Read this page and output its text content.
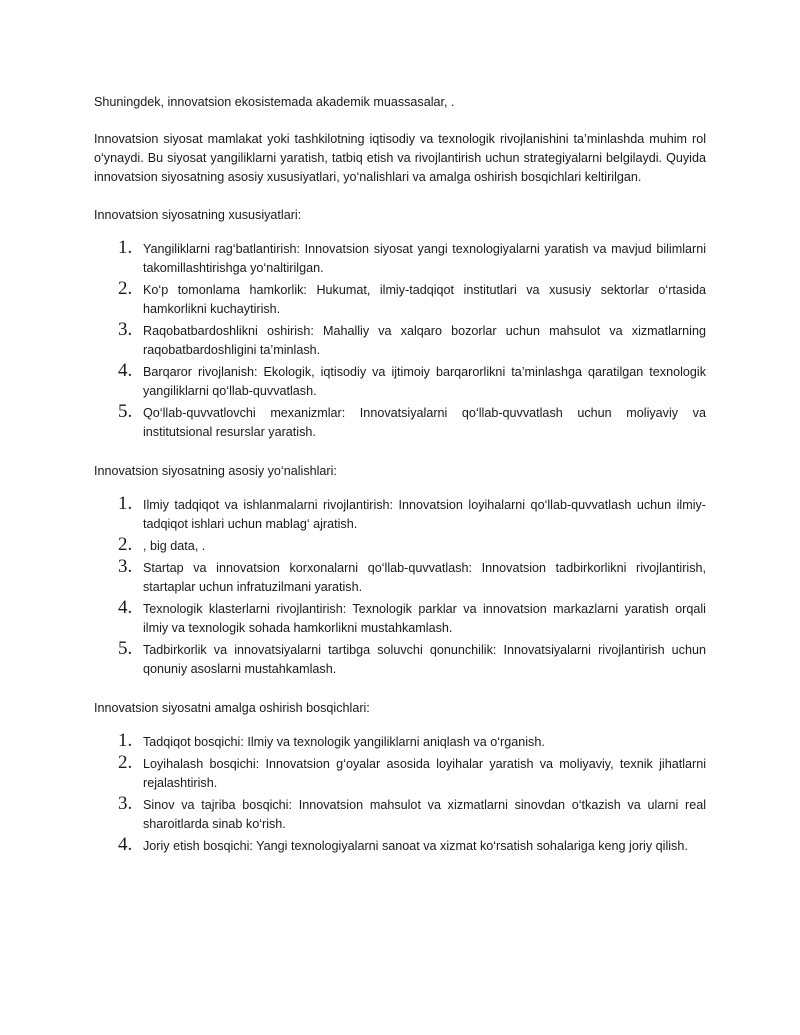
Shuningdek, innovatsion ekosistemada akademik muassasalar, .

Innovatsion siyosat mamlakat yoki tashkilotning iqtisodiy va texnologik rivojlanishini ta’minlashda muhim rol o‘ynaydi. Bu siyosat yangiliklarni yaratish, tatbiq etish va rivojlantirish uchun strategiyalarni belgilaydi. Quyida innovatsion siyosatning asosiy xususiyatlari, yo‘nalishlari va amalga oshirish bosqichlari keltirilgan.

Innovatsion siyosatning xususiyatlari:

1. Yangiliklarni rag‘batlantirish: Innovatsion siyosat yangi texnologiyalarni yaratish va mavjud bilimlarni takomillashtirishga yo‘naltirilgan.
2. Ko‘p tomonlama hamkorlik: Hukumat, ilmiy-tadqiqot institutlari va xususiy sektorlar o‘rtasida hamkorlikni kuchaytirish.
3. Raqobatbardoshlikni oshirish: Mahalliy va xalqaro bozorlar uchun mahsulot va xizmatlarning raqobatbardoshligini ta’minlash.
4. Barqaror rivojlanish: Ekologik, iqtisodiy va ijtimoiy barqarorlikni ta’minlashga qaratilgan texnologik yangiliklarni qo‘llab-quvvatlash.
5. Qo‘llab-quvvatlovchi mexanizmlar: Innovatsiyalarni qo‘llab-quvvatlash uchun moliyaviy va institutsional resurslar yaratish.

Innovatsion siyosatning asosiy yo‘nalishlari:

1. Ilmiy tadqiqot va ishlanmalarni rivojlantirish: Innovatsion loyihalarni qo‘llab-quvvatlash uchun ilmiy-tadqiqot ishlari uchun mablag‘ ajratish.
2. , big data, .
3. Startap va innovatsion korxonalarni qo‘llab-quvvatlash: Innovatsion tadbirkorlikni rivojlantirish, startaplar uchun infratuzilmani yaratish.
4. Texnologik klasterlarni rivojlantirish: Texnologik parklar va innovatsion markazlarni yaratish orqali ilmiy va texnologik sohada hamkorlikni mustahkamlash.
5. Tadbirkorlik va innovatsiyalarni tartibga soluvchi qonunchilik: Innovatsiyalarni rivojlantirish uchun qonuniy asoslarni mustahkamlash.

Innovatsion siyosatni amalga oshirish bosqichlari:

1. Tadqiqot bosqichi: Ilmiy va texnologik yangiliklarni aniqlash va o‘rganish.
2. Loyihalash bosqichi: Innovatsion g‘oyalar asosida loyihalar yaratish va moliyaviy, texnik jihatlarni rejalashtirish.
3. Sinov va tajriba bosqichi: Innovatsion mahsulot va xizmatlarni sinovdan o‘tkazish va ularni real sharoitlarda sinab ko‘rish.
4. Joriy etish bosqichi: Yangi texnologiyalarni sanoat va xizmat ko‘rsatish sohalariga keng joriy qilish.
